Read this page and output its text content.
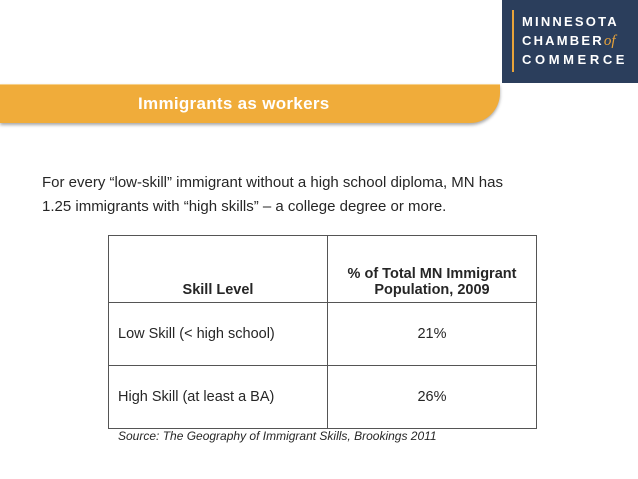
MINNESOTA
CHAMBERof
COMMERCE
Immigrants as workers
For every “low-skill” immigrant without a high school diploma, MN has
1.25 immigrants with “high skills” – a college degree or more.
Skill Level	% of Total MN Immigrant
Population, 2009

Low Skill (< high school)	21%
High Skill (at least a BA)	26%
Source: The Geography of Immigrant Skills, Brookings 2011
